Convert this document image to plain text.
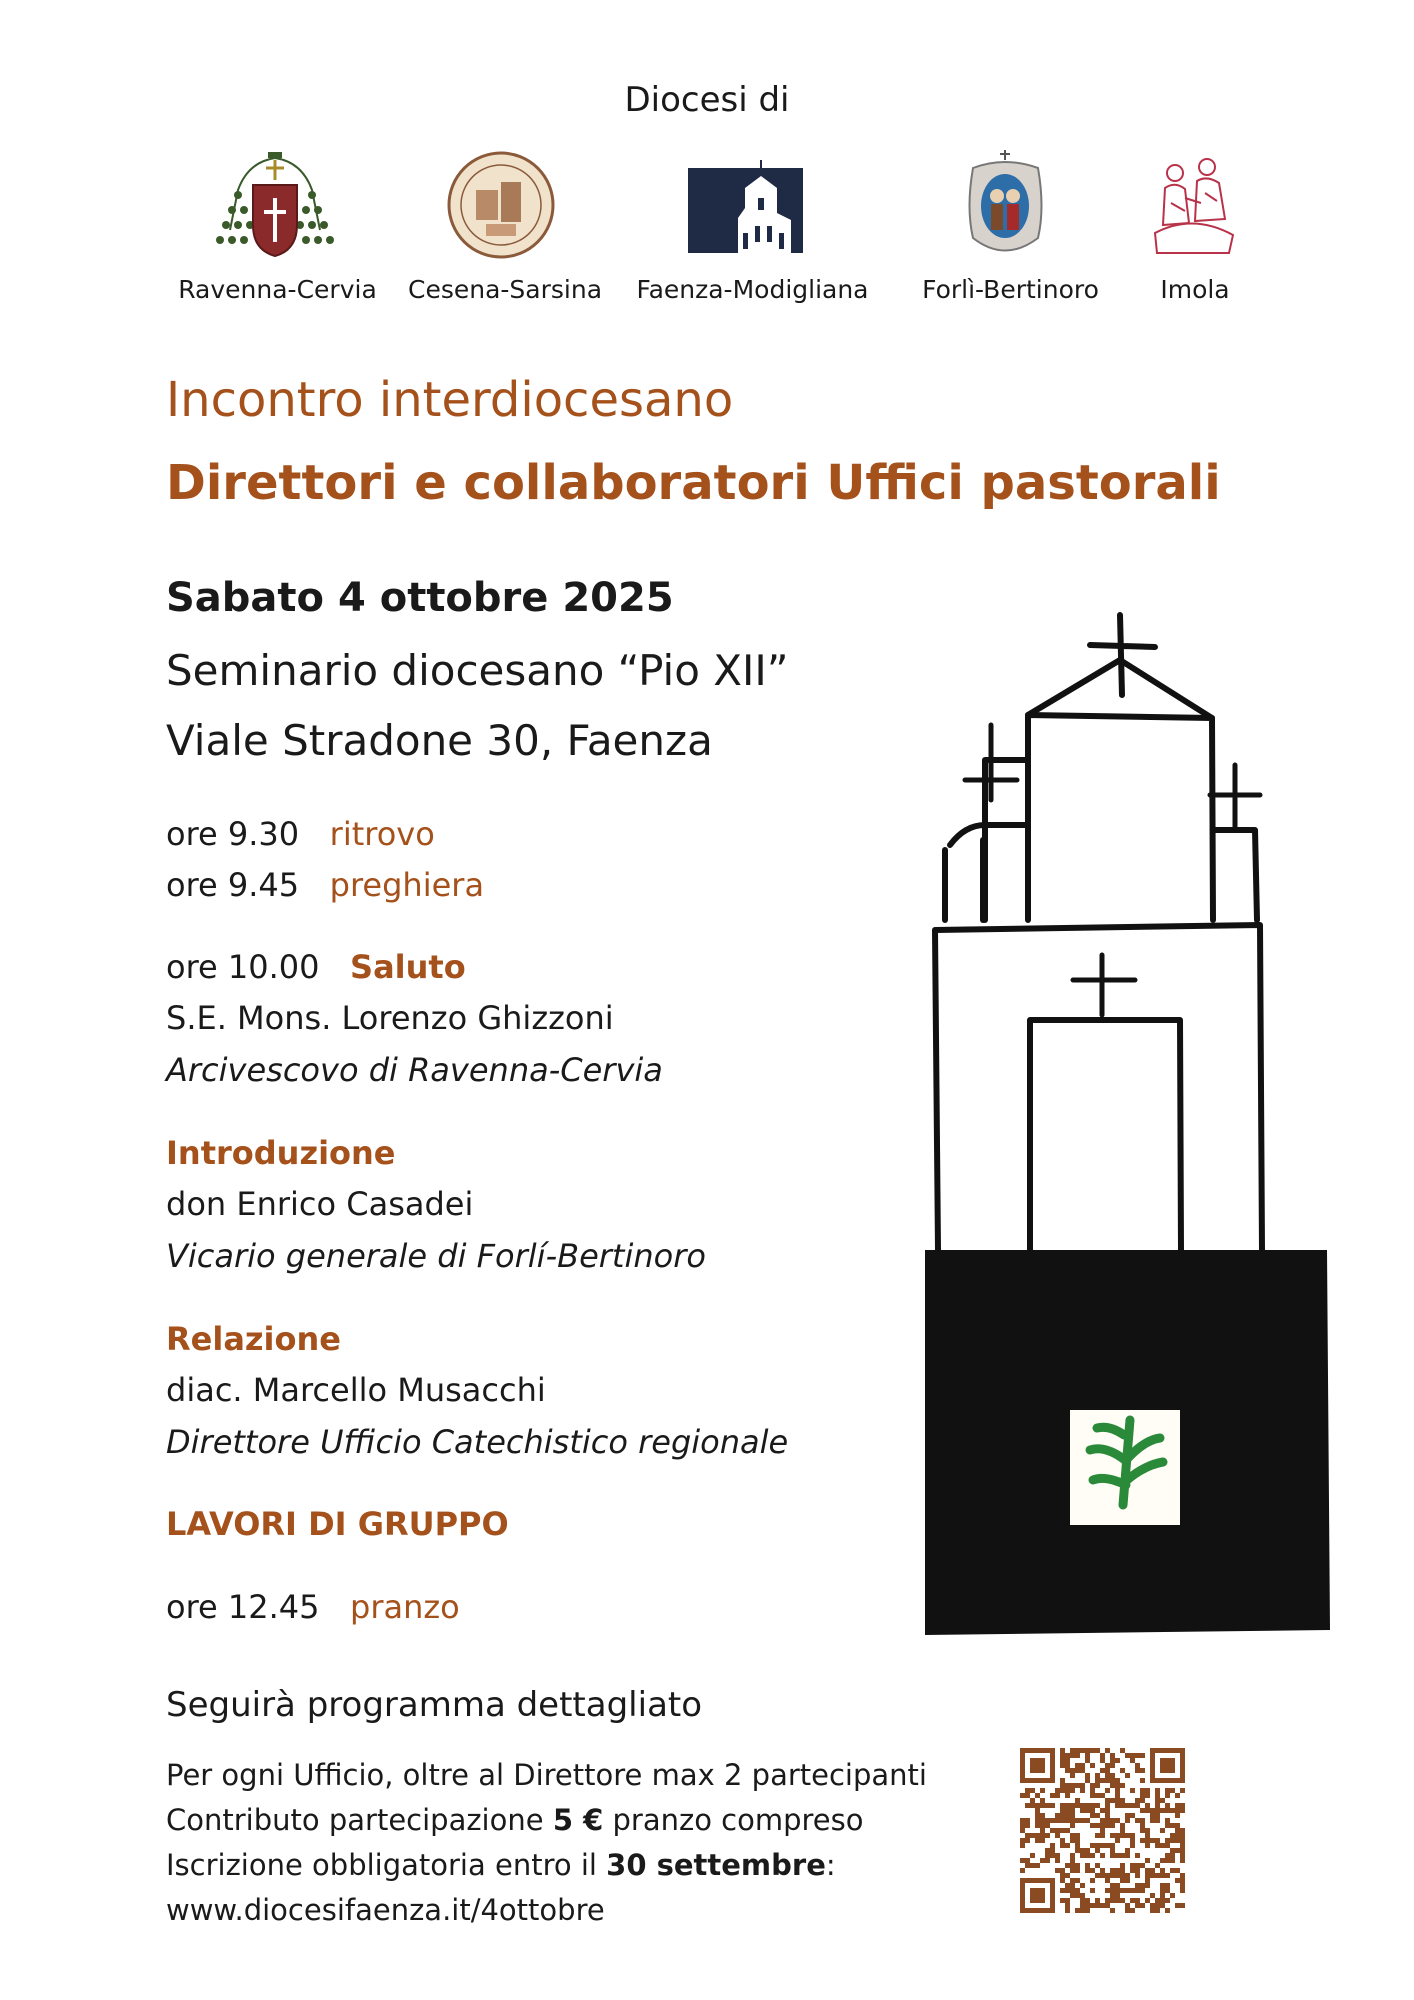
Diocesi di
Ravenna-Cervia	Cesena-Sarsina	Faenza-Modigliana	Forlì-Bertinoro	Imola
Incontro interdiocesano
Direttori e collaboratori Uffici pastorali
Sabato 4 ottobre 2025
Seminario diocesano “Pio XII”
Viale Stradone 30, Faenza
ore 9.30 ritrovo
ore 9.45 preghiera
ore 10.00 Saluto
S.E. Mons. Lorenzo Ghizzoni
Arcivescovo di Ravenna-Cervia
Introduzione
don Enrico Casadei
Vicario generale di Forlí-Bertinoro
Relazione
diac. Marcello Musacchi
Direttore Ufficio Catechistico regionale
LAVORI DI GRUPPO
ore 12.45 pranzo
Seguirà programma dettagliato
Per ogni Ufficio, oltre al Direttore max 2 partecipanti
Contributo partecipazione 5 € pranzo compreso
Iscrizione obbligatoria entro il 30 settembre:
www.diocesifaenza.it/4ottobre
